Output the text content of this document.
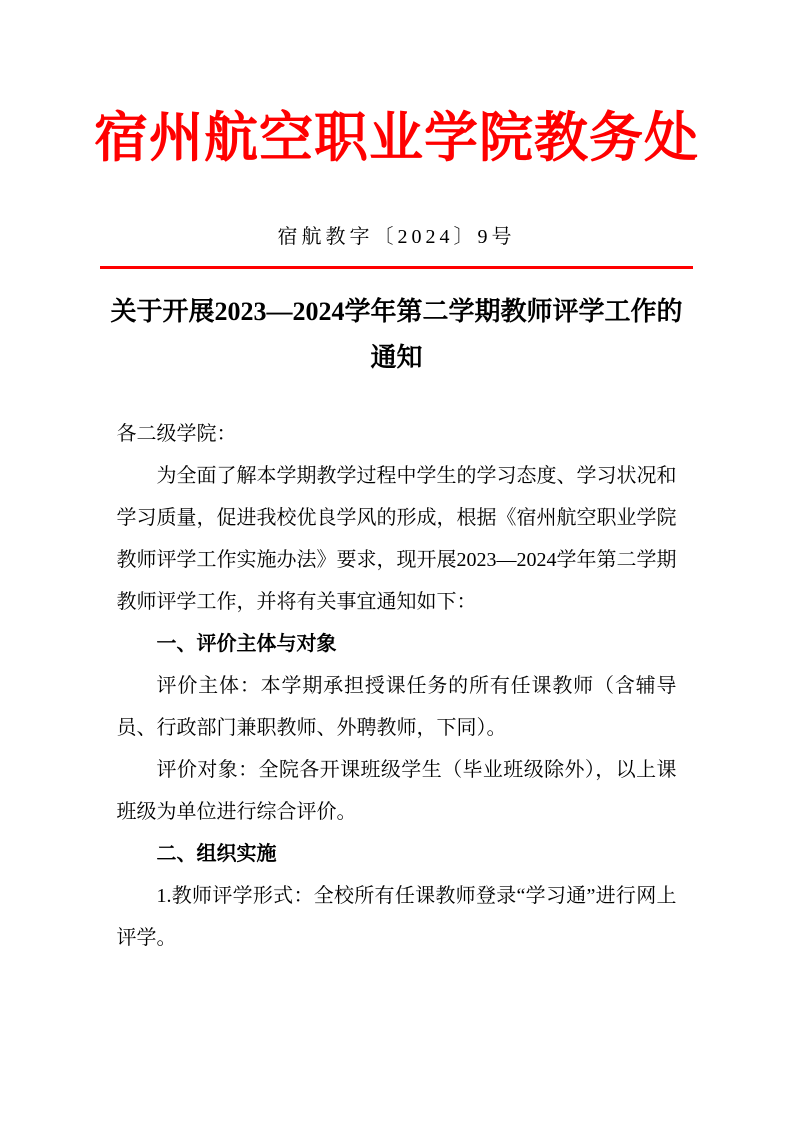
宿州航空职业学院教务处
宿航教字〔2024〕9号
关于开展2023—2024学年第二学期教师评学工作的
通知

各二级学院：

为全面了解本学期教学过程中学生的学习态度、学习状况和学习质量，促进我校优良学风的形成，根据《宿州航空职业学院教师评学工作实施办法》要求，现开展2023—2024学年第二学期教师评学工作，并将有关事宜通知如下：

一、评价主体与对象

评价主体：本学期承担授课任务的所有任课教师（含辅导员、行政部门兼职教师、外聘教师，下同）。

评价对象：全院各开课班级学生（毕业班级除外），以上课班级为单位进行综合评价。

二、组织实施

1.教师评学形式：全校所有任课教师登录“学习通”进行网上评学。
